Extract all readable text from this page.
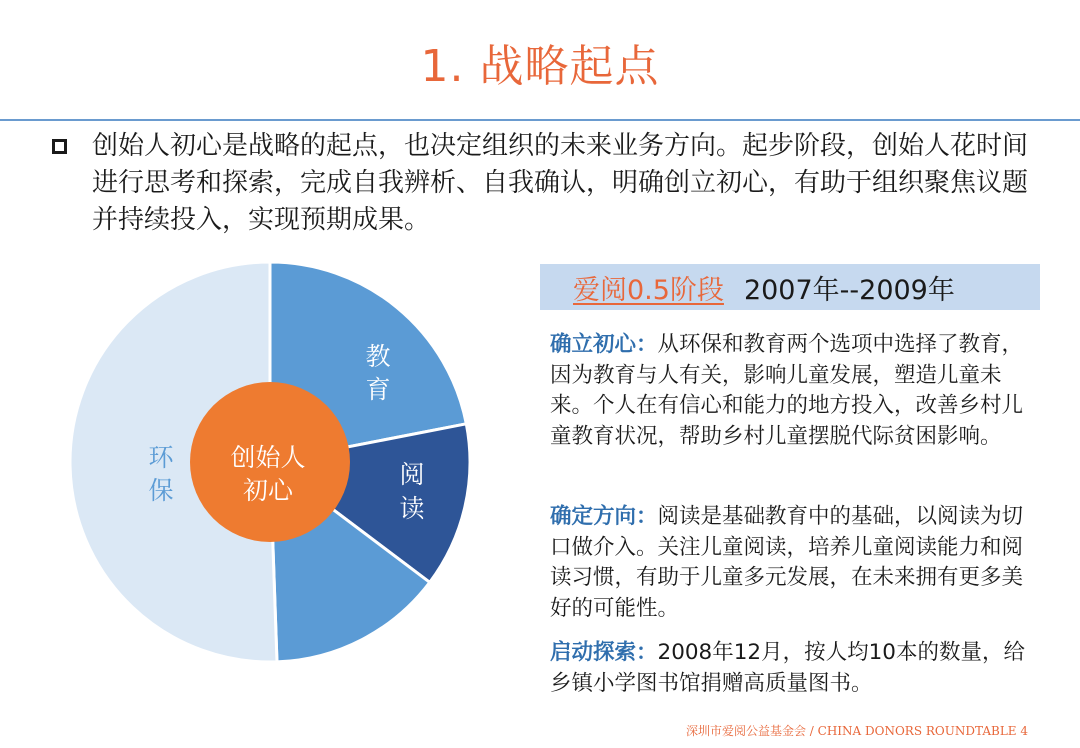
1. 战略起点

创始人初心是战略的起点，也决定组织的未来业务方向。起步阶段，创始人花时间进行思考和探索，完成自我辨析、自我确认，明确创立初心，有助于组织聚焦议题并持续投入，实现预期成果。

创始人
初心
环
保
教
育
阅
读
爱阅0.5阶段 2007年--2009年

确立初心：从环保和教育两个选项中选择了教育，因为教育与人有关，影响儿童发展，塑造儿童未来。个人在有信心和能力的地方投入，改善乡村儿童教育状况，帮助乡村儿童摆脱代际贫困影响。

确定方向：阅读是基础教育中的基础，以阅读为切口做介入。关注儿童阅读，培养儿童阅读能力和阅读习惯，有助于儿童多元发展，在未来拥有更多美好的可能性。

启动探索：2008年12月，按人均10本的数量，给乡镇小学图书馆捐赠高质量图书。

深圳市爱阅公益基金会 / CHINA DONORS ROUNDTABLE 4
